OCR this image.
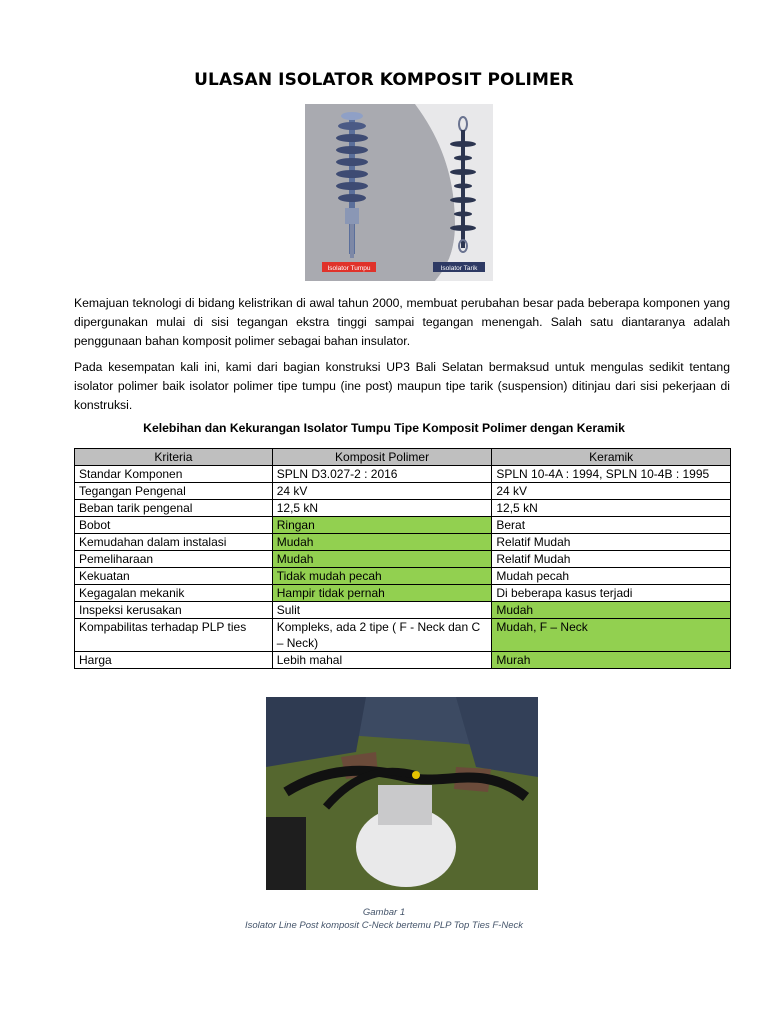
ULASAN ISOLATOR KOMPOSIT POLIMER
Isolator Tumpu	Isolator Tarik
Kemajuan teknologi di bidang kelistrikan di awal tahun 2000, membuat perubahan besar pada beberapa komponen yang dipergunakan mulai di sisi tegangan ekstra tinggi sampai tegangan menengah. Salah satu diantaranya adalah penggunaan bahan komposit polimer sebagai bahan insulator.
Pada kesempatan kali ini, kami dari bagian konstruksi UP3 Bali Selatan bermaksud untuk mengulas sedikit tentang isolator polimer baik isolator polimer tipe tumpu (ine post) maupun tipe tarik (suspension) ditinjau dari sisi pekerjaan di konstruksi.
Kelebihan dan Kekurangan Isolator Tumpu Tipe Komposit Polimer dengan Keramik
Kriteria	Komposit Polimer	Keramik
Standar Komponen	SPLN D3.027-2 : 2016	SPLN 10-4A : 1994, SPLN 10-4B : 1995
Tegangan Pengenal	24 kV	24 kV
Beban tarik pengenal	12,5 kN	12,5 kN
Bobot	Ringan	Berat
Kemudahan dalam instalasi	Mudah	Relatif Mudah
Pemeliharaan	Mudah	Relatif Mudah
Kekuatan	Tidak mudah pecah	Mudah pecah
Kegagalan mekanik	Hampir tidak pernah	Di beberapa kasus terjadi
Inspeksi kerusakan	Sulit	Mudah
Kompabilitas terhadap PLP ties	Kompleks, ada 2 tipe ( F - Neck dan C – Neck)	Mudah, F – Neck
Harga	Lebih mahal	Murah
Gambar 1
Isolator Line Post komposit C-Neck bertemu PLP Top Ties F-Neck
